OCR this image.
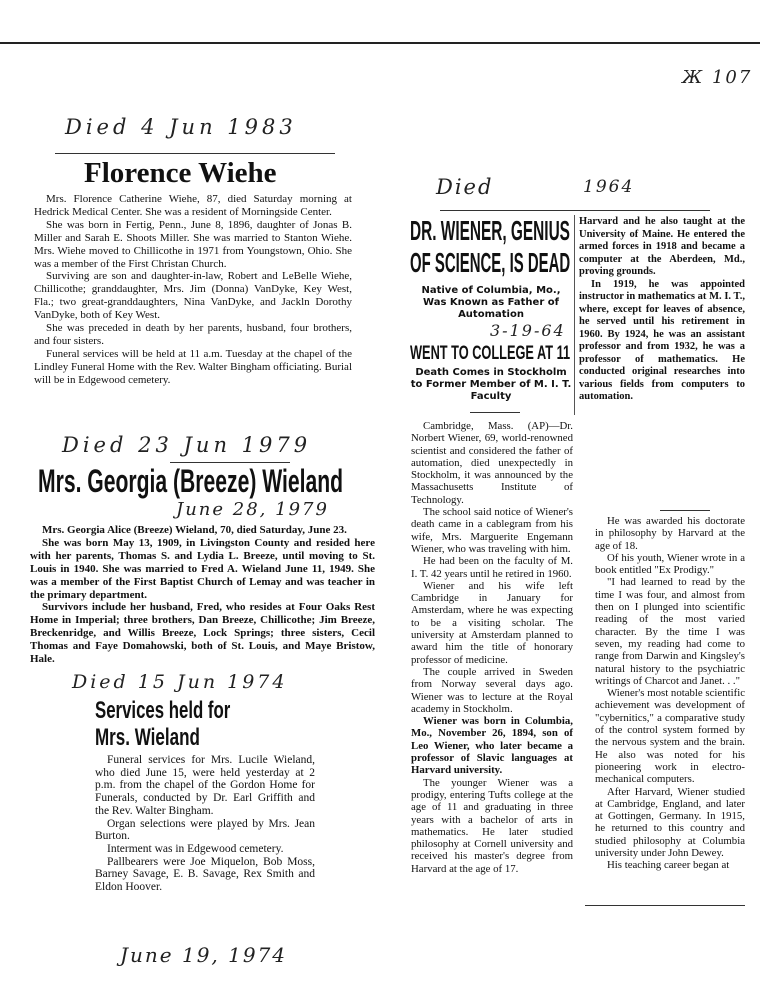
Ж 107
Died 4 Jun 1983
Florence Wiehe

Mrs. Florence Catherine Wiehe, 87, died Saturday morning at Hedrick Medical Center. She was a resident of Morningside Center.

She was born in Fertig, Penn., June 8, 1896, daughter of Jonas B. Miller and Sarah E. Shoots Miller. She was married to Stanton Wiehe. Mrs. Wiehe moved to Chillicothe in 1971 from Youngstown, Ohio. She was a member of the First Christan Church.

Surviving are son and daughter-in-law, Robert and LeBelle Wiehe, Chillicothe; granddaughter, Mrs. Jim (Donna) VanDyke, Key West, Fla.; two great-granddaughters, Nina VanDyke, and Jackln Dorothy VanDyke, both of Key West.

She was preceded in death by her parents, husband, four brothers, and four sisters.

Funeral services will be held at 11 a.m. Tuesday at the chapel of the Lindley Funeral Home with the Rev. Walter Bingham officiating. Burial will be in Edgewood cemetery.

Died 23 Jun 1979
Mrs. Georgia (Breeze) Wieland
June 28, 1979

Mrs. Georgia Alice (Breeze) Wieland, 70, died Saturday, June 23.

She was born May 13, 1909, in Livingston County and resided here with her parents, Thomas S. and Lydia L. Breeze, until moving to St. Louis in 1940. She was married to Fred A. Wieland June 11, 1949. She was a member of the First Baptist Church of Lemay and was teacher in the primary department.

Survivors include her husband, Fred, who resides at Four Oaks Rest Home in Imperial; three brothers, Dan Breeze, Chillicothe; Jim Breeze, Breckenridge, and Willis Breeze, Lock Springs; three sisters, Cecil Thomas and Faye Domahowski, both of St. Louis, and Maye Bristow, Hale.

Died 15 Jun 1974
Services held for
Mrs. Wieland

Funeral services for Mrs. Lucile Wieland, who died June 15, were held yesterday at 2 p.m. from the chapel of the Gordon Home for Funerals, conducted by Dr. Earl Griffith and the Rev. Walter Bingham.

Organ selections were played by Mrs. Jean Burton.

Interment was in Edgewood cemetery.

Pallbearers were Joe Miquelon, Bob Moss, Barney Savage, E. B. Savage, Rex Smith and Eldon Hoover.

June 19, 1974
Died	1964
DR. WIENER, GENIUS
OF SCIENCE, IS DEAD
Native of Columbia, Mo., Was Known as Father of Automation
3-19-64
WENT TO COLLEGE AT 11
Death Comes in Stockholm to Former Member of M. I. T. Faculty

Harvard and he also taught at the University of Maine. He entered the armed forces in 1918 and became a computer at the Aberdeen, Md., proving grounds.

In 1919, he was appointed instructor in mathematics at M. I. T., where, except for leaves of absence, he served until his retirement in 1960. By 1924, he was an assistant professor and from 1932, he was a professor of mathematics. He conducted original researches into various fields from computers to automation.

Cambridge, Mass. (AP)—Dr. Norbert Wiener, 69, world-renowned scientist and considered the father of automation, died unexpectedly in Stockholm, it was announced by the Massachusetts Institute of Technology.

The school said notice of Wiener's death came in a cablegram from his wife, Mrs. Marguerite Engemann Wiener, who was traveling with him.

He had been on the faculty of M. I. T. 42 years until he retired in 1960.

Wiener and his wife left Cambridge in January for Amsterdam, where he was expecting to be a visiting scholar. The university at Amsterdam planned to award him the title of honorary professor of medicine.

The couple arrived in Sweden from Norway several days ago. Wiener was to lecture at the Royal academy in Stockholm.

Wiener was born in Columbia, Mo., November 26, 1894, son of Leo Wiener, who later became a professor of Slavic languages at Harvard university.

The younger Wiener was a prodigy, entering Tufts college at the age of 11 and graduating in three years with a bachelor of arts in mathematics. He later studied philosophy at Cornell university and received his master's degree from Harvard at the age of 17.

He was awarded his doctorate in philosophy by Harvard at the age of 18.

Of his youth, Wiener wrote in a book entitled "Ex Prodigy."

"I had learned to read by the time I was four, and almost from then on I plunged into scientific reading of the most varied character. By the time I was seven, my reading had come to range from Darwin and Kingsley's natural history to the psychiatric writings of Charcot and Janet. . ."

Wiener's most notable scientific achievement was development of "cybernitics," a comparative study of the control system formed by the nervous system and the brain. He also was noted for his pioneering work in electro-mechanical computers.

After Harvard, Wiener studied at Cambridge, England, and later at Gottingen, Germany. In 1915, he returned to this country and studied philosophy at Columbia university under John Dewey.

His teaching career began at
